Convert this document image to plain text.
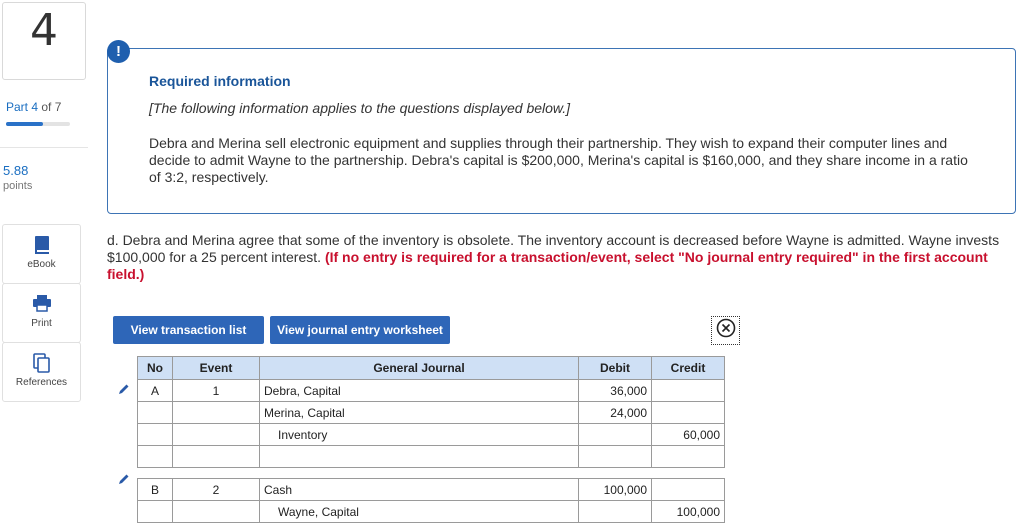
4
Part 4 of 7
5.88
points
eBook
Print
References
!
Required information
[The following information applies to the questions displayed below.]
Debra and Merina sell electronic equipment and supplies through their partnership. They wish to expand their computer lines and decide to admit Wayne to the partnership. Debra's capital is $200,000, Merina's capital is $160,000, and they share income in a ratio of 3:2, respectively.
d. Debra and Merina agree that some of the inventory is obsolete. The inventory account is decreased before Wayne is admitted. Wayne invests $100,000 for a 25 percent interest. (If no entry is required for a transaction/event, select "No journal entry required" in the first account field.)
View transaction list	View journal entry worksheet
No	Event	General Journal	Debit	Credit
A	1	Debra, Capital	36,000	
		Merina, Capital	24,000	
		Inventory		60,000

B	2	Cash	100,000	
		Wayne, Capital		100,000
